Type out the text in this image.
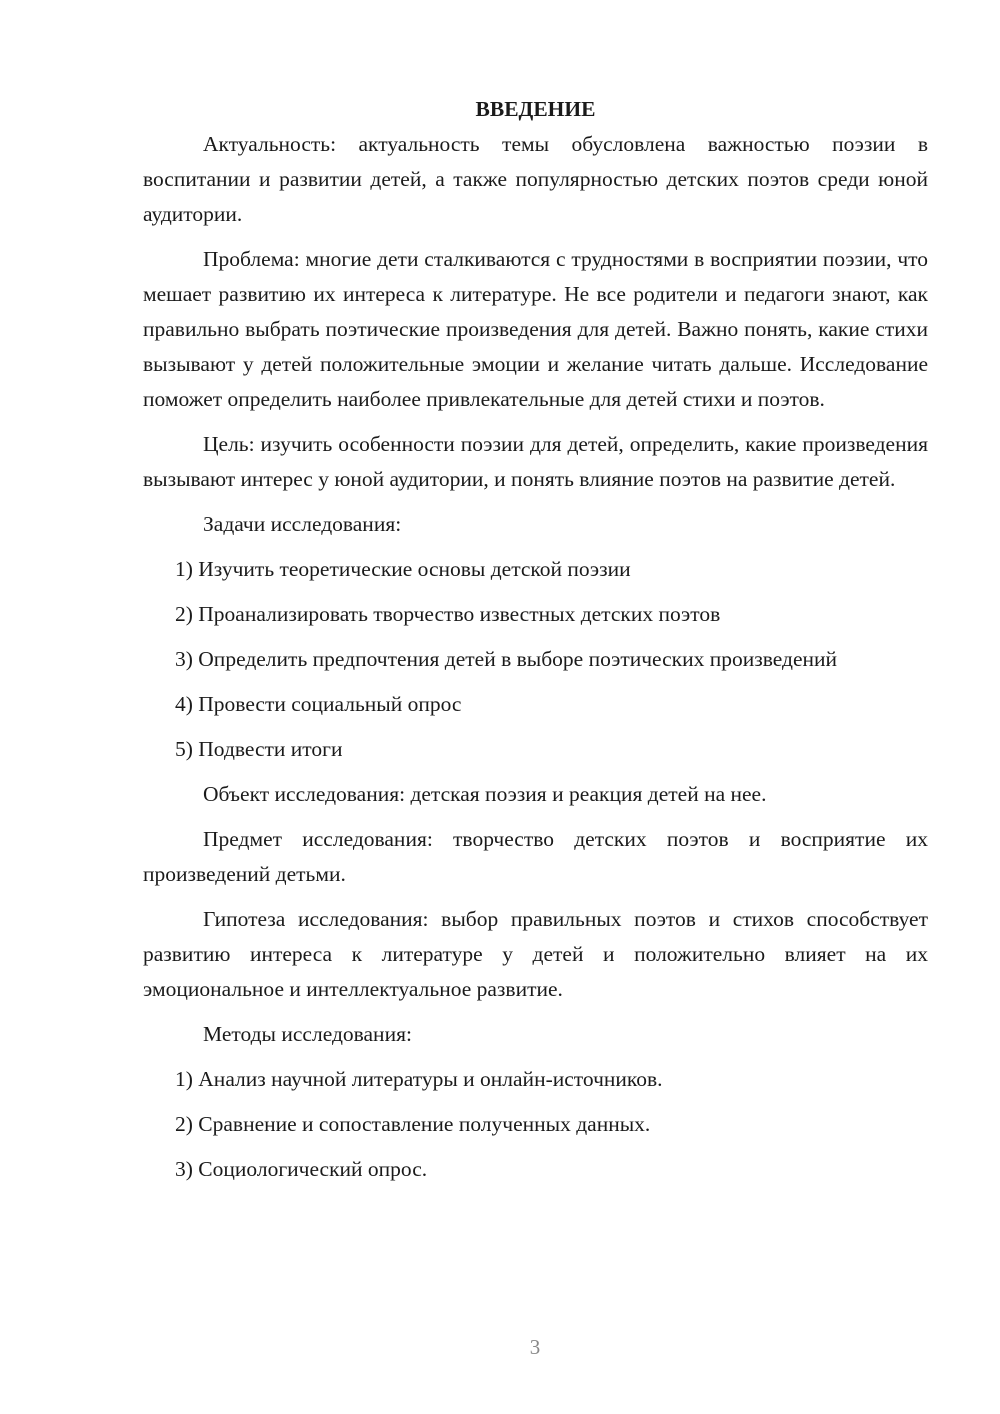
ВВЕДЕНИЕ
Актуальность: актуальность темы обусловлена важностью поэзии в воспитании и развитии детей, а также популярностью детских поэтов среди юной аудитории.
Проблема: многие дети сталкиваются с трудностями в восприятии поэзии, что мешает развитию их интереса к литературе. Не все родители и педагоги знают, как правильно выбрать поэтические произведения для детей. Важно понять, какие стихи вызывают у детей положительные эмоции и желание читать дальше. Исследование поможет определить наиболее привлекательные для детей стихи и поэтов.
Цель: изучить особенности поэзии для детей, определить, какие произведения вызывают интерес у юной аудитории, и понять влияние поэтов на развитие детей.
Задачи исследования:
1) Изучить теоретические основы детской поэзии
2) Проанализировать творчество известных детских поэтов
3) Определить предпочтения детей в выборе поэтических произведений
4) Провести социальный опрос
5) Подвести итоги
Объект исследования: детская поэзия и реакция детей на нее.
Предмет исследования: творчество детских поэтов и восприятие их произведений детьми.
Гипотеза исследования: выбор правильных поэтов и стихов способствует развитию интереса к литературе у детей и положительно влияет на их эмоциональное и интеллектуальное развитие.
Методы исследования:
1) Анализ научной литературы и онлайн-источников.
2) Сравнение и сопоставление полученных данных.
3) Социологический опрос.
3
